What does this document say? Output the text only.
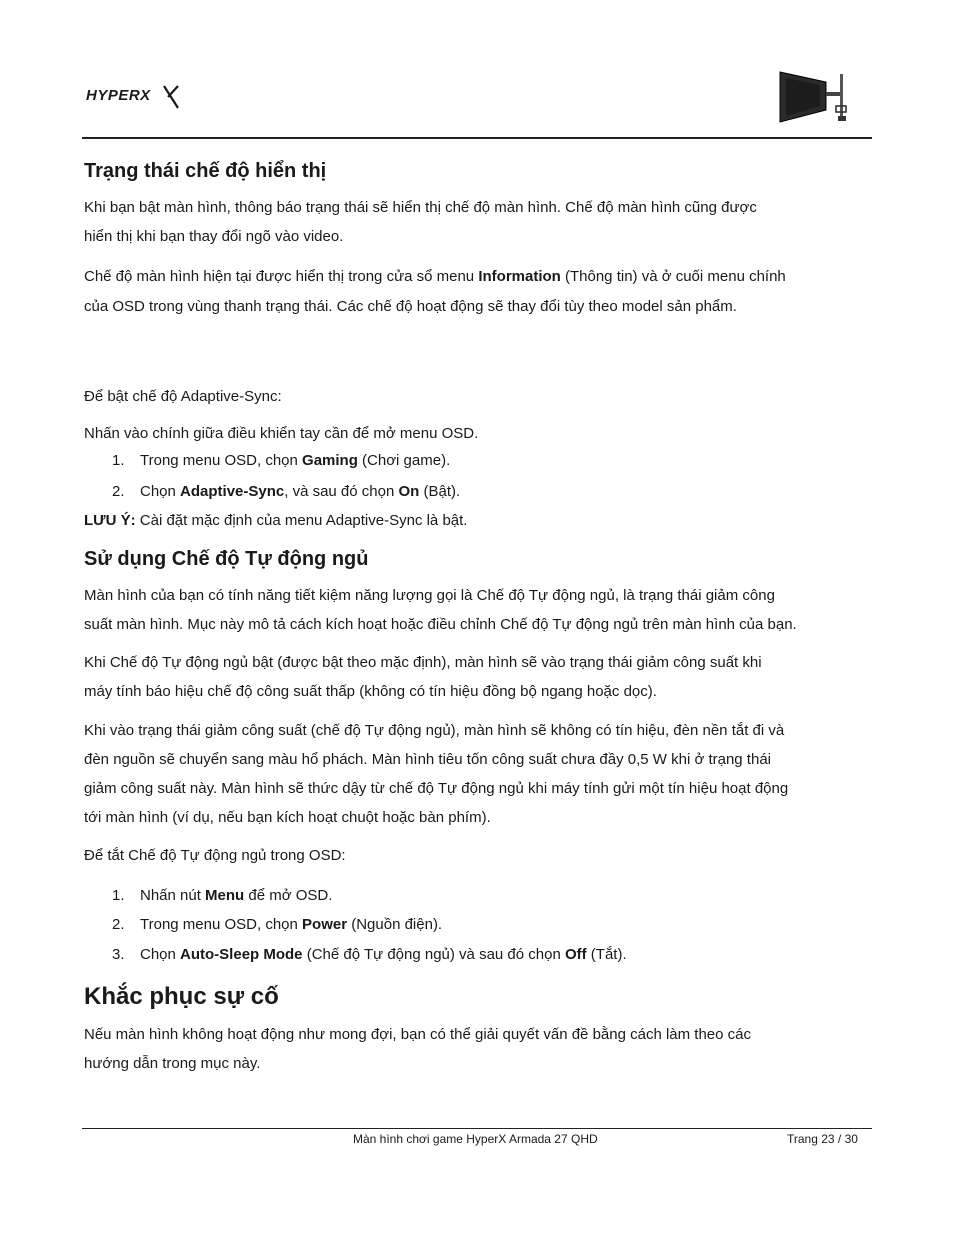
HYPERX
Trạng thái chế độ hiển thị
Khi bạn bật màn hình, thông báo trạng thái sẽ hiển thị chế độ màn hình. Chế độ màn hình cũng được
hiển thị khi bạn thay đổi ngõ vào video.
Chế độ màn hình hiện tại được hiển thị trong cửa sổ menu Information (Thông tin) và ở cuối menu chính
của OSD trong vùng thanh trạng thái. Các chế độ hoạt động sẽ thay đổi tùy theo model sản phẩm.
Để bật chế độ Adaptive-Sync:
Nhấn vào chính giữa điều khiển tay cần để mở menu OSD.
1. Trong menu OSD, chọn Gaming (Chơi game).
2. Chọn Adaptive-Sync, và sau đó chọn On (Bật).
LƯU Ý: Cài đặt mặc định của menu Adaptive-Sync là bật.
Sử dụng Chế độ Tự động ngủ
Màn hình của bạn có tính năng tiết kiệm năng lượng gọi là Chế độ Tự động ngủ, là trạng thái giảm công
suất màn hình. Mục này mô tả cách kích hoạt hoặc điều chỉnh Chế độ Tự động ngủ trên màn hình của bạn.
Khi Chế độ Tự động ngủ bật (được bật theo mặc định), màn hình sẽ vào trạng thái giảm công suất khi
máy tính báo hiệu chế độ công suất thấp (không có tín hiệu đồng bộ ngang hoặc dọc).
Khi vào trạng thái giảm công suất (chế độ Tự động ngủ), màn hình sẽ không có tín hiệu, đèn nền tắt đi và
đèn nguồn sẽ chuyển sang màu hổ phách. Màn hình tiêu tốn công suất chưa đầy 0,5 W khi ở trạng thái
giảm công suất này. Màn hình sẽ thức dậy từ chế độ Tự động ngủ khi máy tính gửi một tín hiệu hoạt động
tới màn hình (ví dụ, nếu bạn kích hoạt chuột hoặc bàn phím).
Để tắt Chế độ Tự động ngủ trong OSD:
1. Nhấn nút Menu để mở OSD.
2. Trong menu OSD, chọn Power (Nguồn điện).
3. Chọn Auto-Sleep Mode (Chế độ Tự động ngủ) và sau đó chọn Off (Tắt).
Khắc phục sự cố
Nếu màn hình không hoạt động như mong đợi, bạn có thể giải quyết vấn đề bằng cách làm theo các
hướng dẫn trong mục này.
Màn hình chơi game HyperX Armada 27 QHD	Trang 23 / 30
